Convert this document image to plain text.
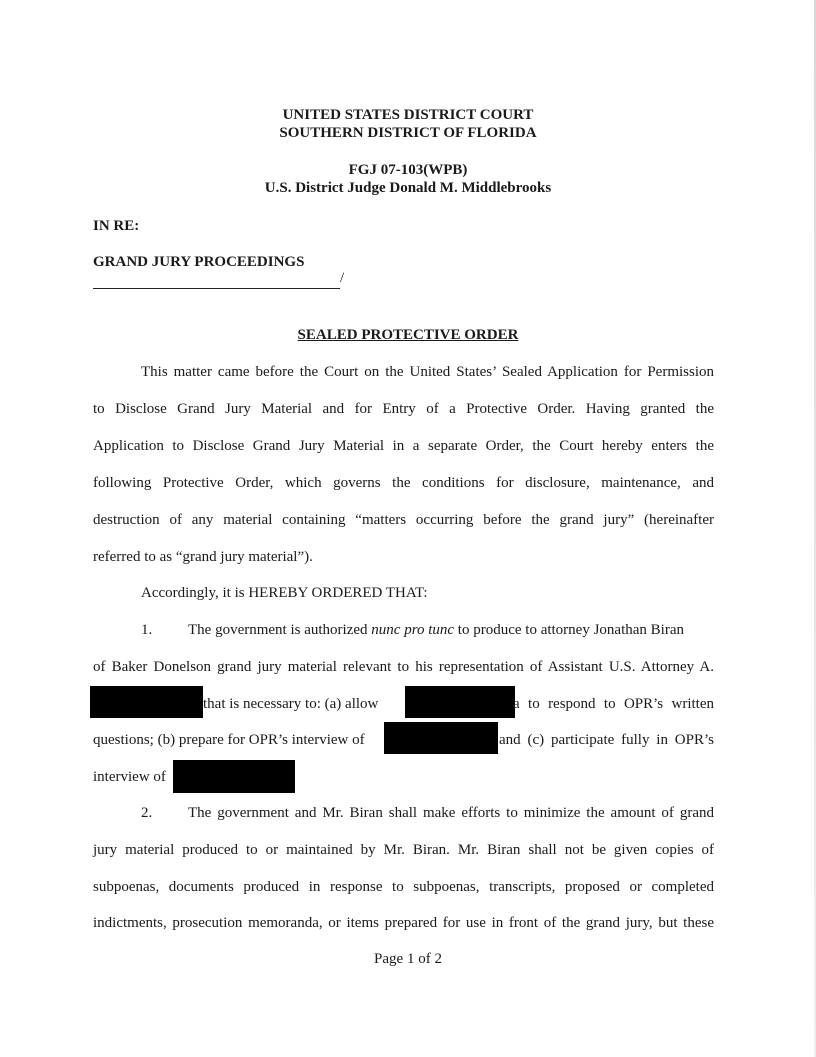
UNITED STATES DISTRICT COURT
SOUTHERN DISTRICT OF FLORIDA
FGJ 07-103(WPB)
U.S. District Judge Donald M. Middlebrooks
IN RE:
GRAND JURY PROCEEDINGS
/
SEALED PROTECTIVE ORDER
This matter came before the Court on the United States’ Sealed Application for Permission
to Disclose Grand Jury Material and for Entry of a Protective Order. Having granted the
Application to Disclose Grand Jury Material in a separate Order, the Court hereby enters the
following Protective Order, which governs the conditions for disclosure, maintenance, and
destruction of any material containing “matters occurring before the grand jury” (hereinafter
referred to as “grand jury material”).
Accordingly, it is HEREBY ORDERED THAT:
1. The government is authorized nunc pro tunc to produce to attorney Jonathan Biran
of Baker Donelson grand jury material relevant to his representation of Assistant U.S. Attorney A.
that is necessary to: (a) allow	a to respond to OPR’s written
questions; (b) prepare for OPR’s interview of	and (c) participate fully in OPR’s
interview of
2. The government and Mr. Biran shall make efforts to minimize the amount of grand
jury material produced to or maintained by Mr. Biran. Mr. Biran shall not be given copies of
subpoenas, documents produced in response to subpoenas, transcripts, proposed or completed
indictments, prosecution memoranda, or items prepared for use in front of the grand jury, but these
Page 1 of 2
